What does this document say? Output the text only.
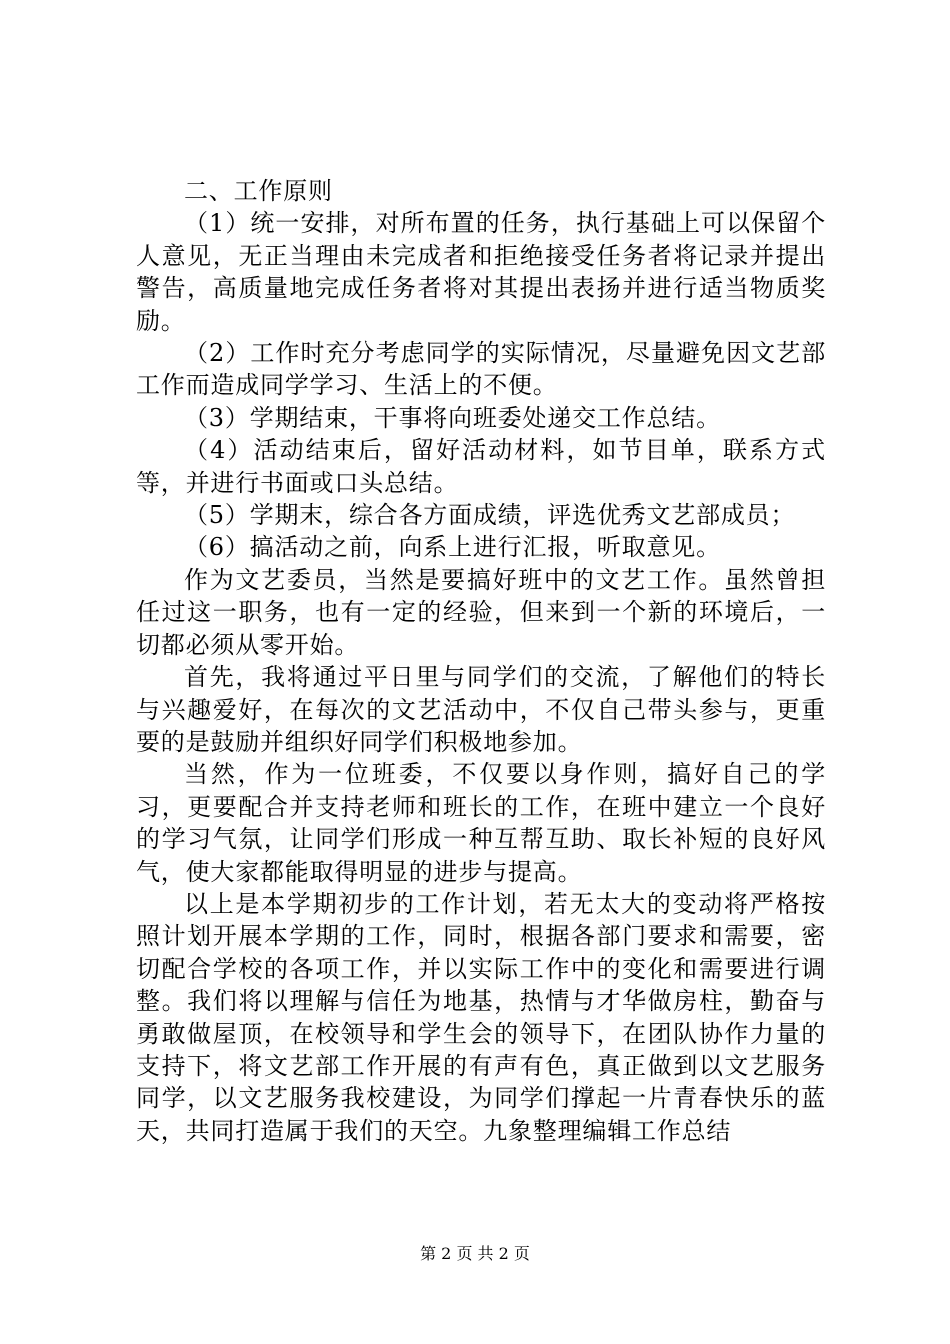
二、工作原则

（1）统一安排，对所布置的任务，执行基础上可以保留个人意见，无正当理由未完成者和拒绝接受任务者将记录并提出警告，高质量地完成任务者将对其提出表扬并进行适当物质奖励。

（2）工作时充分考虑同学的实际情况，尽量避免因文艺部工作而造成同学学习、生活上的不便。

（3）学期结束，干事将向班委处递交工作总结。

（4）活动结束后，留好活动材料，如节目单，联系方式等，并进行书面或口头总结。

（5）学期末，综合各方面成绩，评选优秀文艺部成员；

（6）搞活动之前，向系上进行汇报，听取意见。

作为文艺委员，当然是要搞好班中的文艺工作。虽然曾担任过这一职务，也有一定的经验，但来到一个新的环境后，一切都必须从零开始。

首先，我将通过平日里与同学们的交流，了解他们的特长与兴趣爱好，在每次的文艺活动中，不仅自己带头参与，更重要的是鼓励并组织好同学们积极地参加。

当然，作为一位班委，不仅要以身作则，搞好自己的学习，更要配合并支持老师和班长的工作，在班中建立一个良好的学习气氛，让同学们形成一种互帮互助、取长补短的良好风气，使大家都能取得明显的进步与提高。

以上是本学期初步的工作计划，若无太大的变动将严格按照计划开展本学期的工作，同时，根据各部门要求和需要，密切配合学校的各项工作，并以实际工作中的变化和需要进行调整。我们将以理解与信任为地基，热情与才华做房柱，勤奋与勇敢做屋顶，在校领导和学生会的领导下，在团队协作力量的支持下，将文艺部工作开展的有声有色，真正做到以文艺服务同学，以文艺服务我校建设，为同学们撑起一片青春快乐的蓝天，共同打造属于我们的天空。九象整理编辑工作总结

第 2 页 共 2 页
